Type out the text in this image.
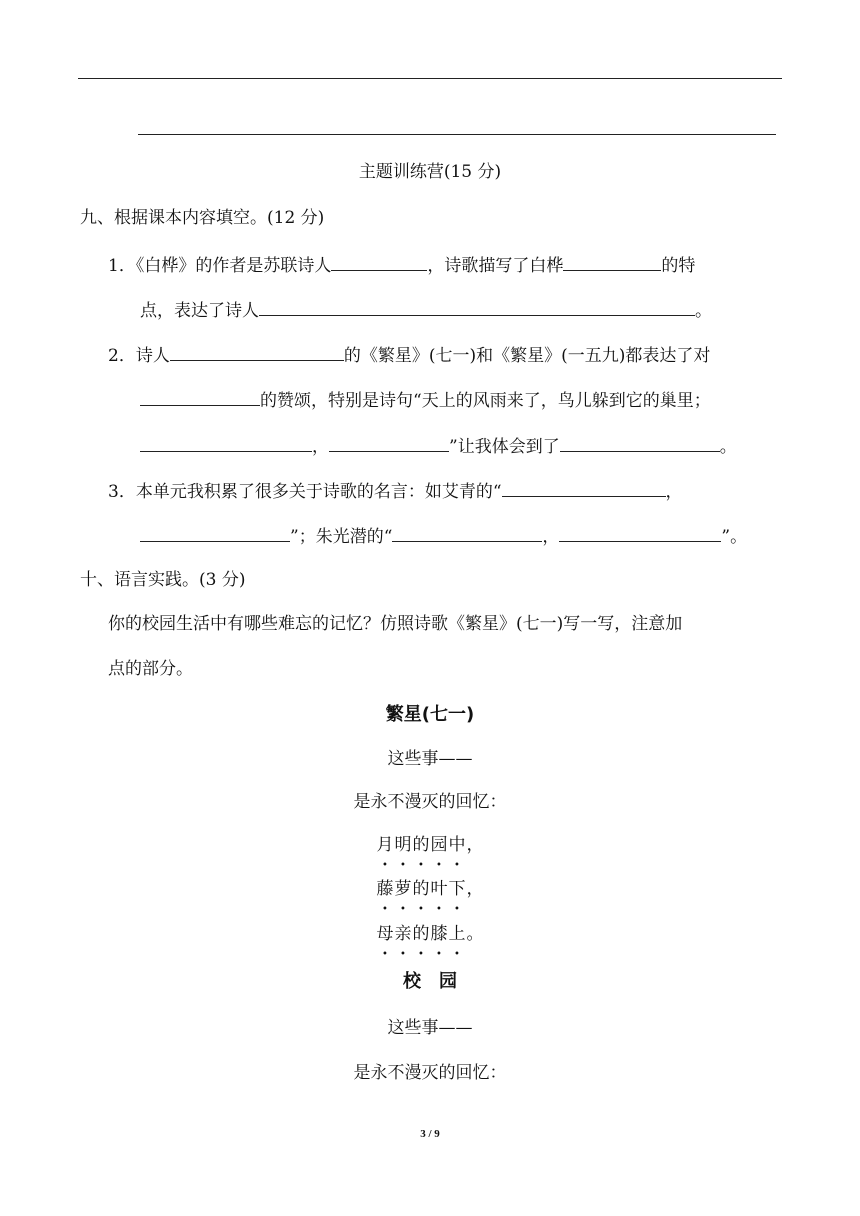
主题训练营(15 分)
九、根据课本内容填空。(12 分)
1．《白桦》的作者是苏联诗人	，诗歌描写了白桦	的特
点，表达了诗人	。
2．诗人	的《繁星》(七一)和《繁星》(一五九)都表达了对
的赞颂，特别是诗句“天上的风雨来了，鸟儿躲到它的巢里；
，	”让我体会到了	。
3．本单元我积累了很多关于诗歌的名言：如艾青的“	，
”；朱光潜的“	，	”。
十、语言实践。(3 分)
你的校园生活中有哪些难忘的记忆？仿照诗歌《繁星》(七一)写一写，注意加
点的部分。
繁星(七一)
这些事——
是永不漫灭的回忆：
月明的园中，
藤萝的叶下，
母亲的膝上。
校　园
这些事——
是永不漫灭的回忆：
3 / 9
